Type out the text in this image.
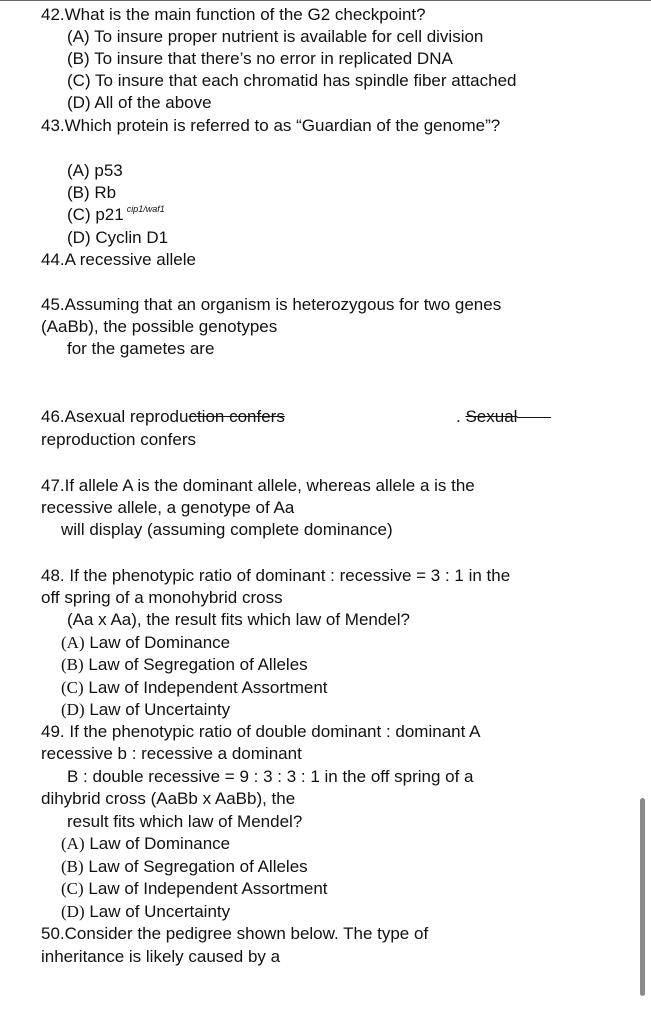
42.What is the main function of the G2 checkpoint?
(A) To insure proper nutrient is available for cell division
(B) To insure that there’s no error in replicated DNA
(C) To insure that each chromatid has spindle fiber attached
(D) All of the above
43.Which protein is referred to as “Guardian of the genome”?
(A) p53
(B) Rb
(C) p21 $^{cip1/waf1}$
(D) Cyclin D1
44.A recessive allele
45.Assuming that an organism is heterozygous for two genes
(AaBb), the possible genotypes
for the gametes are
46.Asexual reproduction confers	. Sexual
reproduction confers
47.If allele A is the dominant allele, whereas allele a is the
recessive allele, a genotype of Aa
will display (assuming complete dominance)
48. If the phenotypic ratio of dominant : recessive = 3 : 1 in the
off spring of a monohybrid cross
(Aa x Aa), the result fits which law of Mendel?
(A) Law of Dominance
(B) Law of Segregation of Alleles
(C) Law of Independent Assortment
(D) Law of Uncertainty
49. If the phenotypic ratio of double dominant : dominant A
recessive b : recessive a dominant
B : double recessive = 9 : 3 : 3 : 1 in the off spring of a
dihybrid cross (AaBb x AaBb), the
result fits which law of Mendel?
(A) Law of Dominance
(B) Law of Segregation of Alleles
(C) Law of Independent Assortment
(D) Law of Uncertainty
50.Consider the pedigree shown below. The type of
inheritance is likely caused by a
